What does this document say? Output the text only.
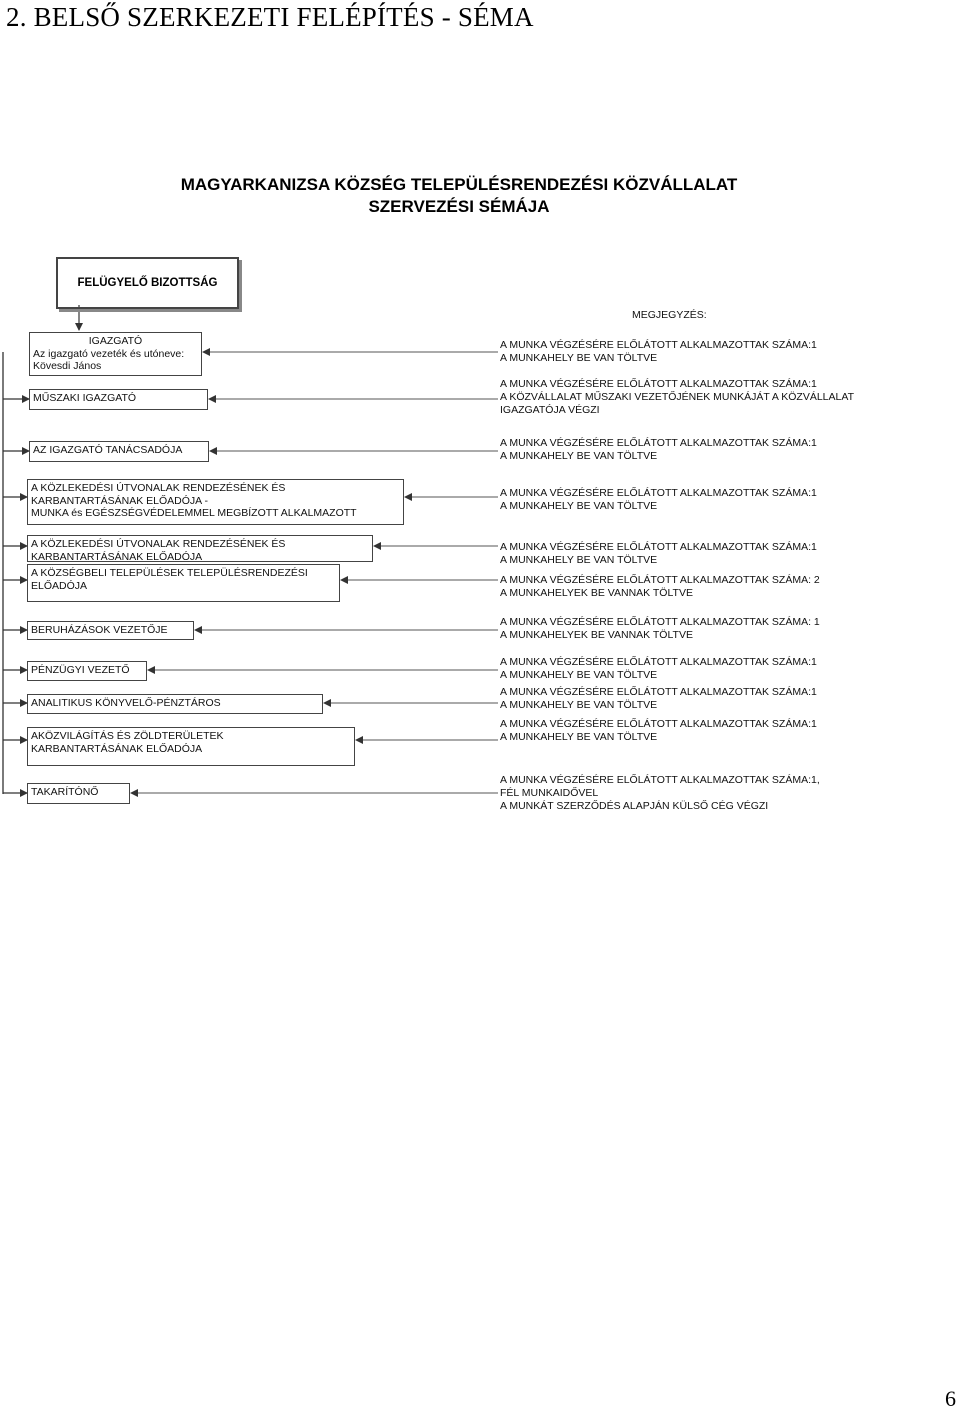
2. BELSŐ SZERKEZETI FELÉPÍTÉS - SÉMA
MAGYARKANIZSA KÖZSÉG TELEPÜLÉSRENDEZÉSI KÖZVÁLLALAT
SZERVEZÉSI SÉMÁJA
FELÜGYELŐ BIZOTTSÁG
IGAZGATÓ
Az igazgató vezeték és utóneve:
Kövesdi János
MŰSZAKI IGAZGATÓ
AZ IGAZGATÓ TANÁCSADÓJA
A KÖZLEKEDÉSI ÚTVONALAK RENDEZÉSÉNEK ÉS
KARBANTARTÁSÁNAK ELŐADÓJA -
MUNKA és EGÉSZSÉGVÉDELEMMEL MEGBÍZOTT ALKALMAZOTT
A KÖZLEKEDÉSI ÚTVONALAK RENDEZÉSÉNEK ÉS
KARBANTARTÁSÁNAK ELŐADÓJA
A KÖZSÉGBELI TELEPÜLÉSEK TELEPÜLÉSRENDEZÉSI
ELŐADÓJA
BERUHÁZÁSOK VEZETŐJE
PÉNZÜGYI VEZETŐ
ANALITIKUS KÖNYVELŐ-PÉNZTÁROS
AKÖZVILÁGÍTÁS ÉS ZÖLDTERÜLETEK
KARBANTARTÁSÁNAK ELŐADÓJA
TAKARÍTÓNŐ
MEGJEGYZÉS:
A MUNKA VÉGZÉSÉRE ELŐLÁTOTT ALKALMAZOTTAK SZÁMA:1
A MUNKAHELY BE VAN TÖLTVE
A MUNKA VÉGZÉSÉRE ELŐLÁTOTT ALKALMAZOTTAK SZÁMA:1
A KÖZVÁLLALAT MŰSZAKI VEZETŐJÉNEK MUNKÁJÁT A KÖZVÁLLALAT
IGAZGATÓJA VÉGZI
A MUNKA VÉGZÉSÉRE ELŐLÁTOTT ALKALMAZOTTAK SZÁMA:1
A MUNKAHELY BE VAN TÖLTVE
A MUNKA VÉGZÉSÉRE ELŐLÁTOTT ALKALMAZOTTAK SZÁMA:1
A MUNKAHELY BE VAN TÖLTVE
A MUNKA VÉGZÉSÉRE ELŐLÁTOTT ALKALMAZOTTAK SZÁMA:1
A MUNKAHELY BE VAN TÖLTVE
A MUNKA VÉGZÉSÉRE ELŐLÁTOTT ALKALMAZOTTAK SZÁMA: 2
A MUNKAHELYEK BE VANNAK TÖLTVE
A MUNKA VÉGZÉSÉRE ELŐLÁTOTT ALKALMAZOTTAK SZÁMA: 1
A MUNKAHELYEK BE VANNAK TÖLTVE
A MUNKA VÉGZÉSÉRE ELŐLÁTOTT ALKALMAZOTTAK SZÁMA:1
A MUNKAHELY BE VAN TÖLTVE
A MUNKA VÉGZÉSÉRE ELŐLÁTOTT ALKALMAZOTTAK SZÁMA:1
A MUNKAHELY BE VAN TÖLTVE
A MUNKA VÉGZÉSÉRE ELŐLÁTOTT ALKALMAZOTTAK SZÁMA:1
A MUNKAHELY BE VAN TÖLTVE
A MUNKA VÉGZÉSÉRE ELŐLÁTOTT ALKALMAZOTTAK SZÁMA:1,
FÉL MUNKAIDŐVEL
A MUNKÁT SZERZŐDÉS ALAPJÁN KÜLSŐ CÉG VÉGZI
6
